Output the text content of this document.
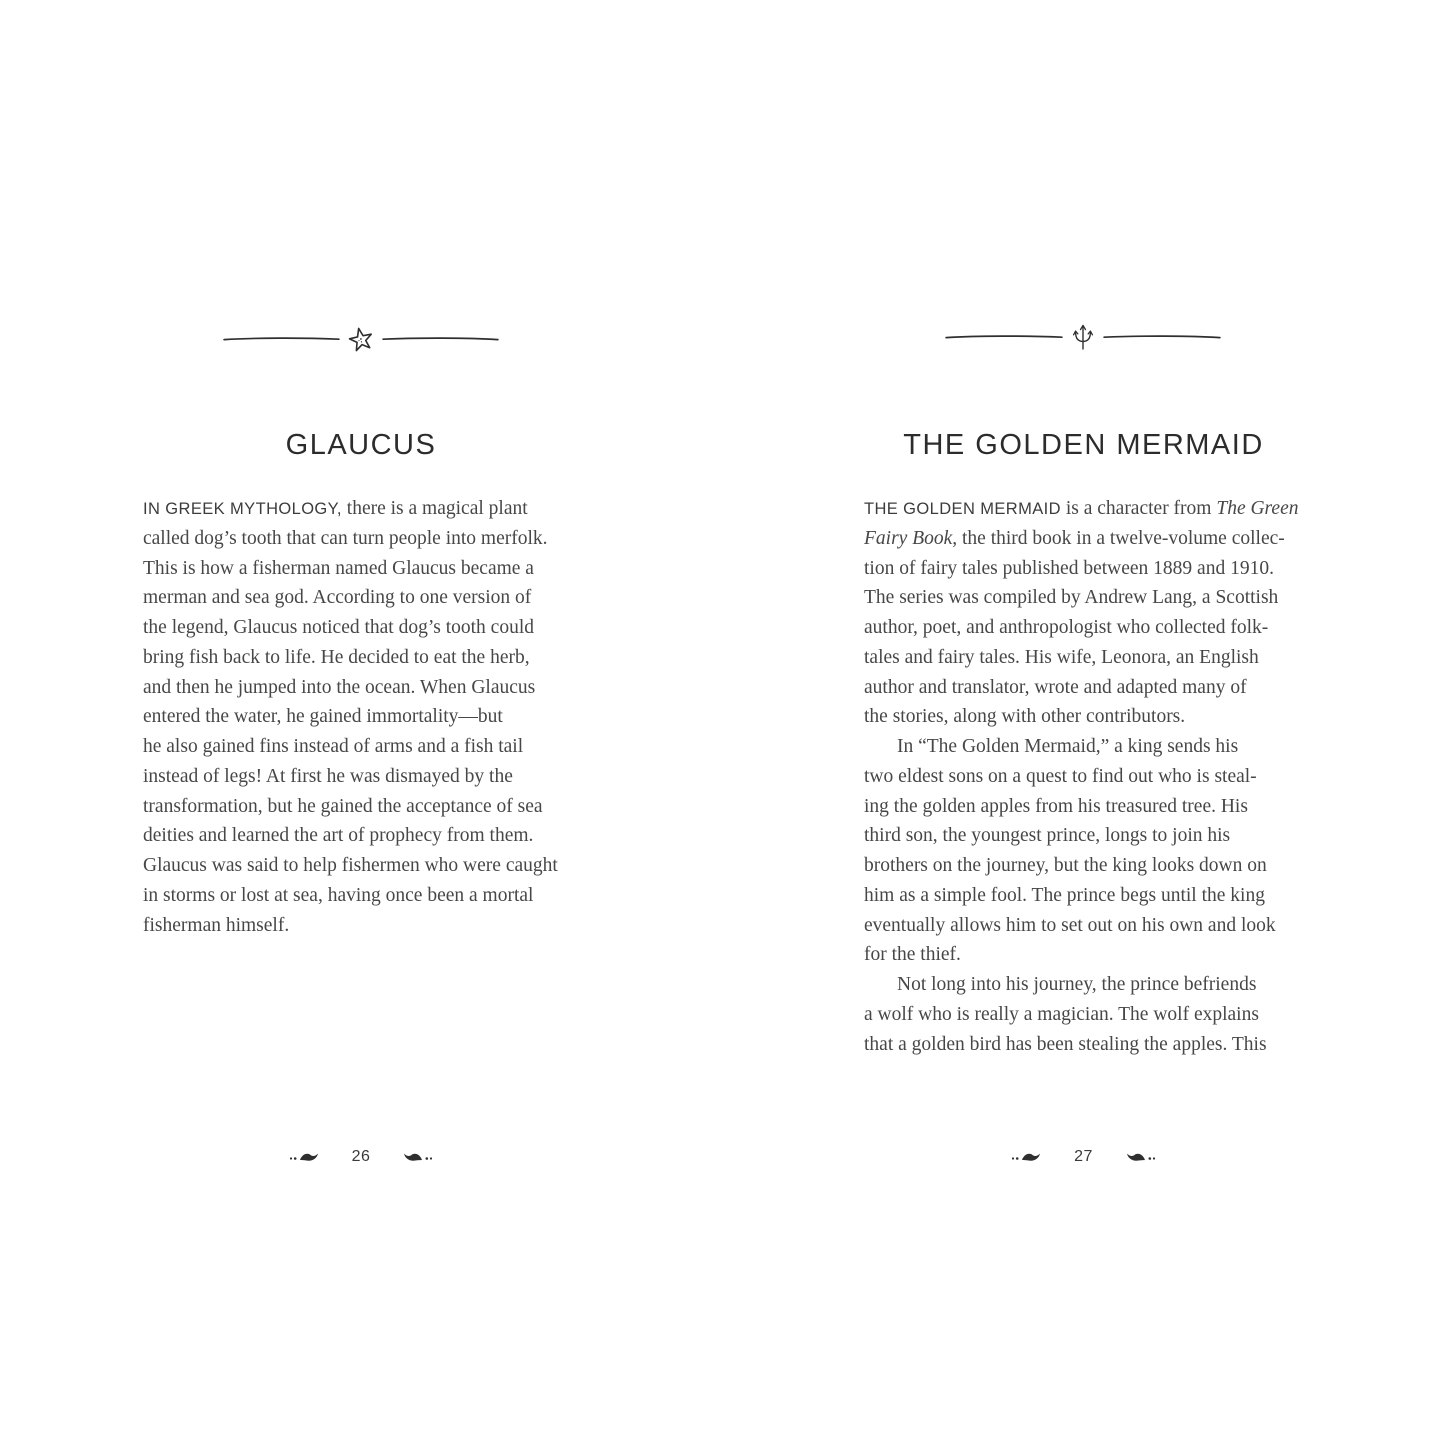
GLAUCUS
IN GREEK MYTHOLOGY, there is a magical plant
called dog’s tooth that can turn people into merfolk.
This is how a fisherman named Glaucus became a
merman and sea god. According to one version of
the legend, Glaucus noticed that dog’s tooth could
bring fish back to life. He decided to eat the herb,
and then he jumped into the ocean. When Glaucus
entered the water, he gained immortality—but
he also gained fins instead of arms and a fish tail
instead of legs! At first he was dismayed by the
transformation, but he gained the acceptance of sea
deities and learned the art of prophecy from them.
Glaucus was said to help fishermen who were caught
in storms or lost at sea, having once been a mortal
fisherman himself.
26
THE GOLDEN MERMAID
THE GOLDEN MERMAID is a character from The Green
Fairy Book, the third book in a twelve-volume collec-
tion of fairy tales published between 1889 and 1910.
The series was compiled by Andrew Lang, a Scottish
author, poet, and anthropologist who collected folk-
tales and fairy tales. His wife, Leonora, an English
author and translator, wrote and adapted many of
the stories, along with other contributors.
In “The Golden Mermaid,” a king sends his
two eldest sons on a quest to find out who is steal-
ing the golden apples from his treasured tree. His
third son, the youngest prince, longs to join his
brothers on the journey, but the king looks down on
him as a simple fool. The prince begs until the king
eventually allows him to set out on his own and look
for the thief.
Not long into his journey, the prince befriends
a wolf who is really a magician. The wolf explains
that a golden bird has been stealing the apples. This
27
